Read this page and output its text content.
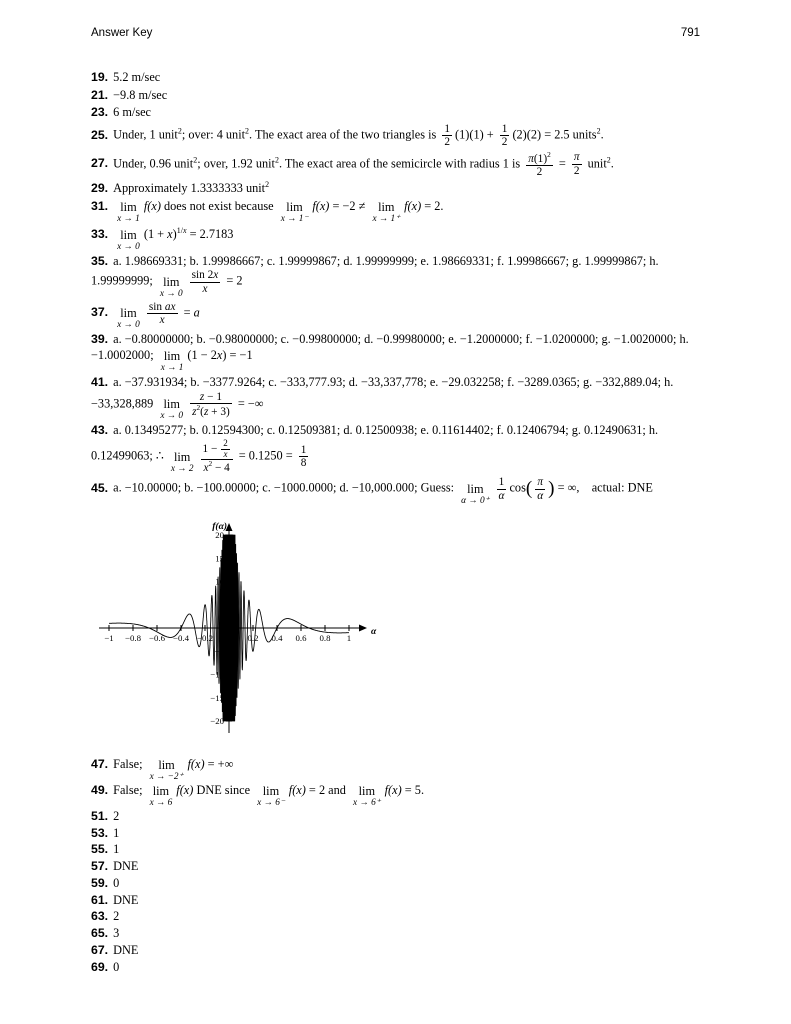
Answer Key	791
19. 5.2 m/sec
21. −9.8 m/sec
23. 6 m/sec
25. Under, 1 unit$^2$; over: 4 unit$^2$. The exact area of the two triangles is $\frac{1}{2} (1)(1) + \frac{1}{2} (2)(2) = 2.5$ units$^2$.
27. Under, 0.96 unit$^2$; over, 1.92 unit$^2$. The exact area of the semicircle with radius 1 is $\frac{\pi(1)^2}{2} = \frac{\pi}{2}$ unit$^2$.
29. Approximately 1.3333333 unit$^2$
31. lim
x → 1
f(x) does not exist because lim
x → 1⁻
f(x) = −2 ≠ lim
x → 1⁺
f(x) = 2.
33. lim
x → 0
$(1 + x)^{1/x} = 2.7183$
35. a. 1.98669331; b. 1.99986667; c. 1.99999867; d. 1.99999999; e. 1.98669331; f. 1.99986667; g. 1.99999867; h. 1.99999999; lim
$x \to 0 \frac{\sin 2x}{x} = 2$
37. lim
$x \to 0 \frac{\text{sin ax}}{x} = a$
39. a. −0.80000000; b. −0.98000000; c. −0.99800000; d. −0.99980000; e. −1.2000000; f. −1.0200000; g. −1.0020000; h. −1.0002000; lim
x → 1
(1 − 2x) = −1
41. a. −37.931934; b. −3377.9264; c. −333,777.93; d. −33,337,778; e. −29.032258; f. −3289.0365; g. −332,889.04; h. −33,328,889 lim
$x \to 0 \frac{z - 1}{z^2(z + 3)}$ = −∞
43. a. 0.13495277; b. 0.12594300; c. 0.12509381; d. 0.12500938; e. 0.11614402; f. 0.12406794; g. 0.12490631; h. 0.12499063; ∴ lim
$x \to 2 \frac{1 - \frac{2}{x}}{x^2 - 4} = 0.1250 = \frac{1}{8}$
45. a. −10.00000; b. −100.00000; c. −1000.0000; d. −10,000.000; Guess: lim
$\alpha \to 0^+ \frac{1}{\alpha} \cos( \frac{\pi}{\alpha}$ ) = ∞, actual: DNE
−1 −0.8 −0.6 −0.4 −0.2	0.2 0.4 0.6 0.8 1
−20
−15
−10
−5
5
10
15
20
f(α)
α
47. False;	lim
x → −2⁺
f(x) = +∞
49. False; lim
x → 6
f(x) DNE since lim
x → 6⁻
f(x) = 2 and lim
x → 6⁺
f(x) = 5.
51. 2
53. 1
55. 1
57. DNE
59. 0
61. DNE
63. 2
65. 3
67. DNE
69. 0
